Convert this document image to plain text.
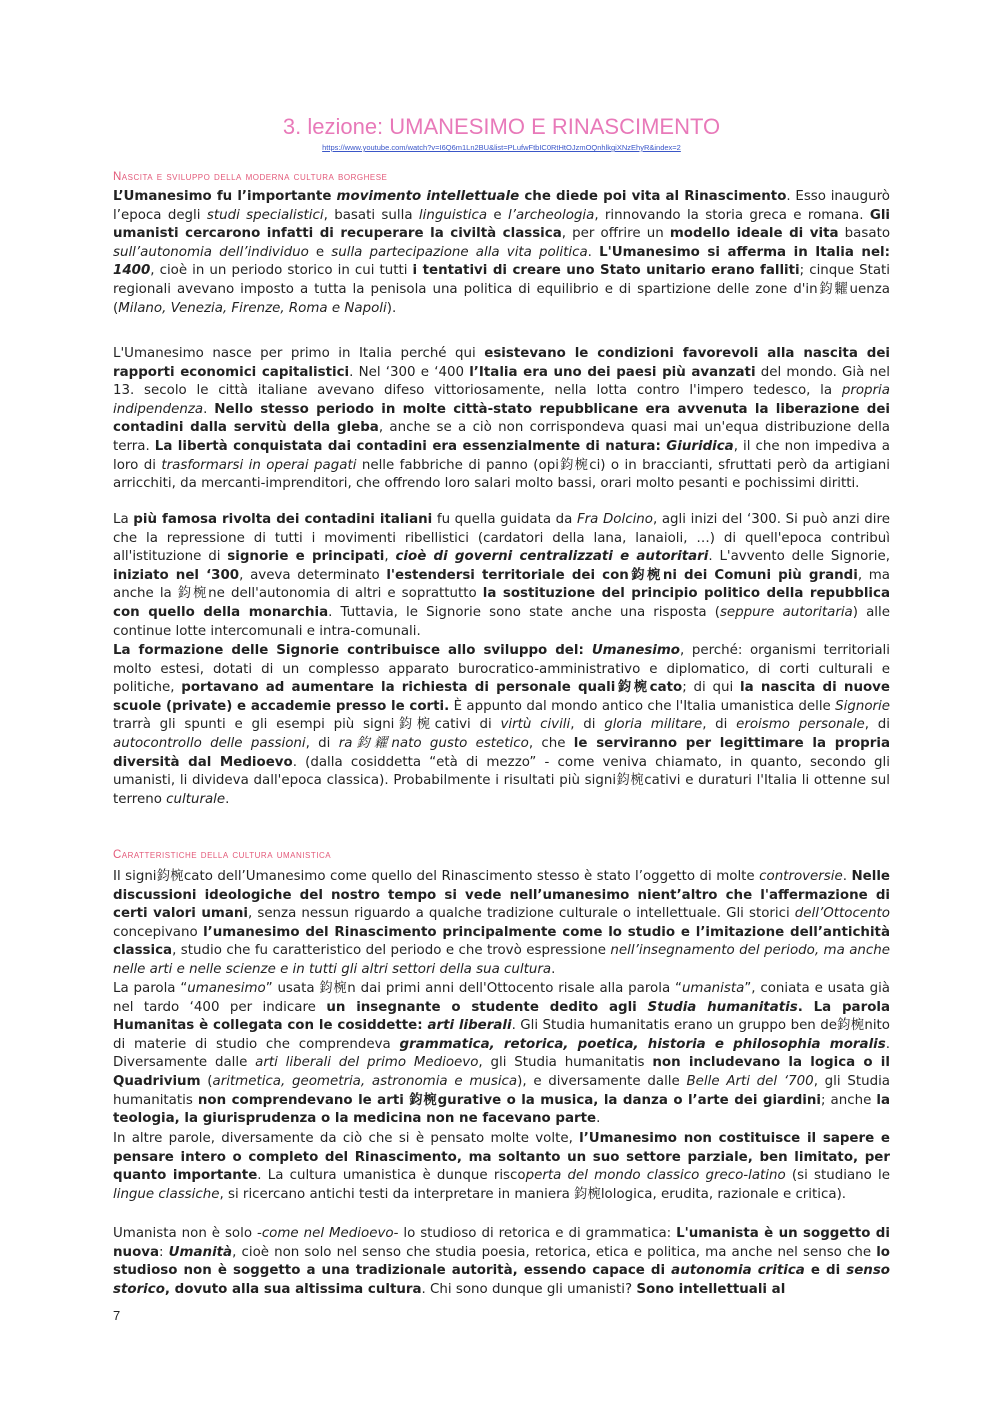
3. lezione: UMANESIMO E RINASCIMENTO
https://www.youtube.com/watch?v=I6Q6m1Ln2BU&list=PLufwFtbIC0RtHtOJzmOQnhlkgiXNzEhyR&index=2
Nascita e sviluppo della moderna cultura borghese
L’Umanesimo fu l’importante movimento intellettuale che diede poi vita al Rinascimento. Esso inaugurò l’epoca degli studi specialistici, basati sulla linguistica e l’archeologia, rinnovando la storia greca e romana. Gli umanisti cercarono infatti di recuperare la civiltà classica, per offrire un modello ideale di vita basato sull’autonomia dell’individuo e sulla partecipazione alla vita politica. L'Umanesimo si afferma in Italia nel: 1400, cioè in un periodo storico in cui tutti i tentativi di creare uno Stato unitario erano falliti; cinque Stati regionali avevano imposto a tutta la penisola una politica di equilibrio e di spartizione delle zone d'in鈞糶uenza (Milano, Venezia, Firenze, Roma e Napoli).
L'Umanesimo nasce per primo in Italia perché qui esistevano le condizioni favorevoli alla nascita dei rapporti economici capitalistici. Nel ‘300 e ‘400 l’Italia era uno dei paesi più avanzati del mondo. Già nel 13. secolo le città italiane avevano difeso vittoriosamente, nella lotta contro l'impero tedesco, la propria indipendenza. Nello stesso periodo in molte città-stato repubblicane era avvenuta la liberazione dei contadini dalla servitù della gleba, anche se a ciò non corrispondeva quasi mai un'equa distribuzione della terra. La libertà conquistata dai contadini era essenzialmente di natura: Giuridica, il che non impediva a loro di trasformarsi in operai pagati nelle fabbriche di panno (opi鈞椀ci) o in braccianti, sfruttati però da artigiani arricchiti, da mercanti-imprenditori, che offrendo loro salari molto bassi, orari molto pesanti e pochissimi diritti.
La più famosa rivolta dei contadini italiani fu quella guidata da Fra Dolcino, agli inizi del ‘300. Si può anzi dire che la repressione di tutti i movimenti ribellistici (cardatori della lana, lanaioli, …) di quell'epoca contribuì all'istituzione di signorie e principati, cioè di governi centralizzati e autoritari. L'avvento delle Signorie, iniziato nel ‘300, aveva determinato l'estendersi territoriale dei con鈞椀ni dei Comuni più grandi, ma anche la 鈞椀ne dell'autonomia di altri e soprattutto la sostituzione del principio politico della repubblica con quello della monarchia. Tuttavia, le Signorie sono state anche una risposta (seppure autoritaria) alle continue lotte intercomunali e intra-comunali.
La formazione delle Signorie contribuisce allo sviluppo del: Umanesimo, perché: organismi territoriali molto estesi, dotati di un complesso apparato burocratico-amministrativo e diplomatico, di corti culturali e politiche, portavano ad aumentare la richiesta di personale quali鈞椀cato; di qui la nascita di nuove scuole (private) e accademie presso le corti. È appunto dal mondo antico che l'Italia umanistica delle Signorie trarrà gli spunti e gli esempi più signi鈞椀cativi di virtù civili, di gloria militare, di eroismo personale, di autocontrollo delle passioni, di ra鈞糴nato gusto estetico, che le serviranno per legittimare la propria diversità dal Medioevo. (dalla cosiddetta “età di mezzo” - come veniva chiamato, in quanto, secondo gli umanisti, li divideva dall'epoca classica). Probabilmente i risultati più signi鈞椀cativi e duraturi l'Italia li ottenne sul terreno culturale.
Caratteristiche della cultura umanistica
Il signi鈞椀cato dell’Umanesimo come quello del Rinascimento stesso è stato l’oggetto di molte controversie. Nelle discussioni ideologiche del nostro tempo si vede nell’umanesimo nient’altro che l'affermazione di certi valori umani, senza nessun riguardo a qualche tradizione culturale o intellettuale. Gli storici dell’Ottocento concepivano l’umanesimo del Rinascimento principalmente come lo studio e l’imitazione dell’antichità classica, studio che fu caratteristico del periodo e che trovò espressione nell’insegnamento del periodo, ma anche nelle arti e nelle scienze e in tutti gli altri settori della sua cultura.
La parola “umanesimo” usata 鈞椀n dai primi anni dell'Ottocento risale alla parola “umanista”, coniata e usata già nel tardo ‘400 per indicare un insegnante o studente dedito agli Studia humanitatis. La parola Humanitas è collegata con le cosiddette: arti liberali. Gli Studia humanitatis erano un gruppo ben de鈞椀nito di materie di studio che comprendeva grammatica, retorica, poetica, historia e philosophia moralis. Diversamente dalle arti liberali del primo Medioevo, gli Studia humanitatis non includevano la logica o il Quadrivium (aritmetica, geometria, astronomia e musica), e diversamente dalle Belle Arti del ‘700, gli Studia humanitatis non comprendevano le arti 鈞椀gurative o la musica, la danza o l’arte dei giardini; anche la teologia, la giurisprudenza o la medicina non ne facevano parte.
In altre parole, diversamente da ciò che si è pensato molte volte, l’Umanesimo non costituisce il sapere e pensare intero o completo del Rinascimento, ma soltanto un suo settore parziale, ben limitato, per quanto importante. La cultura umanistica è dunque riscoperta del mondo classico greco-latino (si studiano le lingue classiche, si ricercano antichi testi da interpretare in maniera 鈞椀lologica, erudita, razionale e critica).
Umanista non è solo -come nel Medioevo- lo studioso di retorica e di grammatica: L'umanista è un soggetto di nuova: Umanità, cioè non solo nel senso che studia poesia, retorica, etica e politica, ma anche nel senso che lo studioso non è soggetto a una tradizionale autorità, essendo capace di autonomia critica e di senso storico, dovuto alla sua altissima cultura. Chi sono dunque gli umanisti? Sono intellettuali al
7
